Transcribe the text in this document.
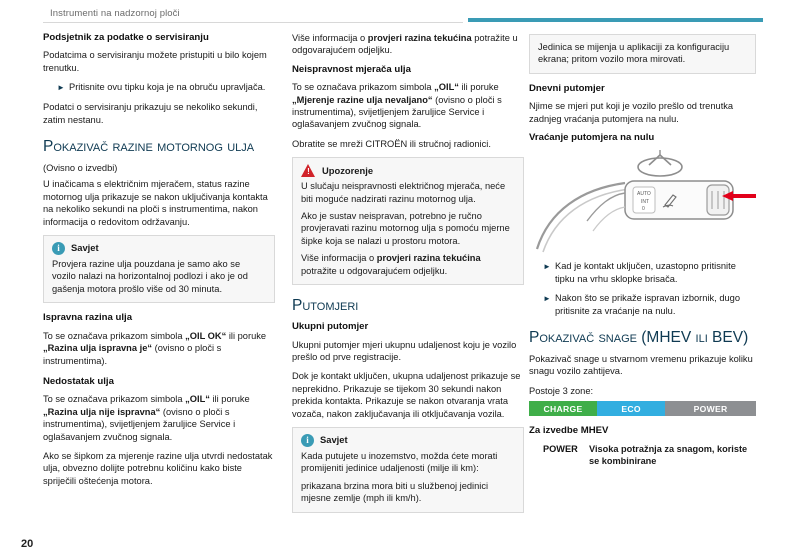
Instrumenti na nadzornoj ploči
Podsjetnik za podatke o servisiranju

Podatcima o servisiranju možete pristupiti u bilo kojem trenutku.

► Pritisnite ovu tipku koja je na obruču upravljača.

Podatci o servisiranju prikazuju se nekoliko sekundi, zatim nestanu.

Pokazivač razine motornog ulja

(Ovisno o izvedbi)

U inačicama s električnim mjeračem, status razine motornog ulja prikazuje se nakon uključivanja kontakta na nekoliko sekundi na ploči s instrumentima, nakon informacija o redovitom održavanju.

i	Savjet

Provjera razine ulja pouzdana je samo ako se vozilo nalazi na horizontalnoj podlozi i ako je od gašenja motora prošlo više od 30 minuta.

Ispravna razina ulja

To se označava prikazom simbola „OIL OK“ ili poruke „Razina ulja ispravna je“ (ovisno o ploči s instrumentima).

Nedostatak ulja

To se označava prikazom simbola „OIL“ ili poruke „Razina ulja nije ispravna“ (ovisno o ploči s instrumentima), svijetljenjem žaruljice Service i oglašavanjem zvučnog signala.

Ako se šipkom za mjerenje razine ulja utvrdi nedostatak ulja, obvezno dolijte potrebnu količinu kako biste spriječili oštećenja motora.

Više informacija o provjeri razina tekućina potražite u odgovarajućem odjeljku.

Neispravnost mjerača ulja

To se označava prikazom simbola „OIL“ ili poruke „Mjerenje razine ulja nevaljano“ (ovisno o ploči s instrumentima), svijetljenjem žaruljice Service i oglašavanjem zvučnog signala.

Obratite se mreži CITROËN ili stručnoj radionici.

!
Upozorenje

U slučaju neispravnosti električnog mjerača, neće biti moguće nadzirati razinu motornog ulja.

Ako je sustav neispravan, potrebno je ručno provjeravati razinu motornog ulja s pomoću mjerne šipke koja se nalazi u prostoru motora.

Više informacija o provjeri razina tekućina potražite u odgovarajućem odjeljku.

Putomjeri
Ukupni putomjer

Ukupni putomjer mjeri ukupnu udaljenost koju je vozilo prešlo od prve registracije.

Dok je kontakt uključen, ukupna udaljenost prikazuje se neprekidno. Prikazuje se tijekom 30 sekundi nakon prekida kontakta. Prikazuje se nakon otvaranja vrata vozača, nakon zaključavanja ili otključavanja vozila.

i	Savjet

Kada putujete u inozemstvo, možda ćete morati promijeniti jedinice udaljenosti (milje ili km):

prikazana brzina mora biti u službenoj jedinici mjesne zemlje (mph ili km/h).

Jedinica se mijenja u aplikaciji za konfiguraciju ekrana; pritom vozilo mora mirovati.

Dnevni putomjer

Njime se mjeri put koji je vozilo prešlo od trenutka zadnjeg vraćanja putomjera na nulu.

Vraćanje putomjera na nulu
AUTO
INT
0
► Kad je kontakt uključen, uzastopno pritisnite tipku na vrhu sklopke brisača.
► Nakon što se prikaže ispravan izbornik, dugo pritisnite za vraćanje na nulu.
Pokazivač snage (MHEV ili BEV)

Pokazivač snage u stvarnom vremenu prikazuje koliku snagu vozilo zahtijeva.

Postoje 3 zone:

CHARGE	ECO	POWER
Za izvedbe MHEV
POWER	Visoka potražnja za snagom, koriste se kombinirane
20
